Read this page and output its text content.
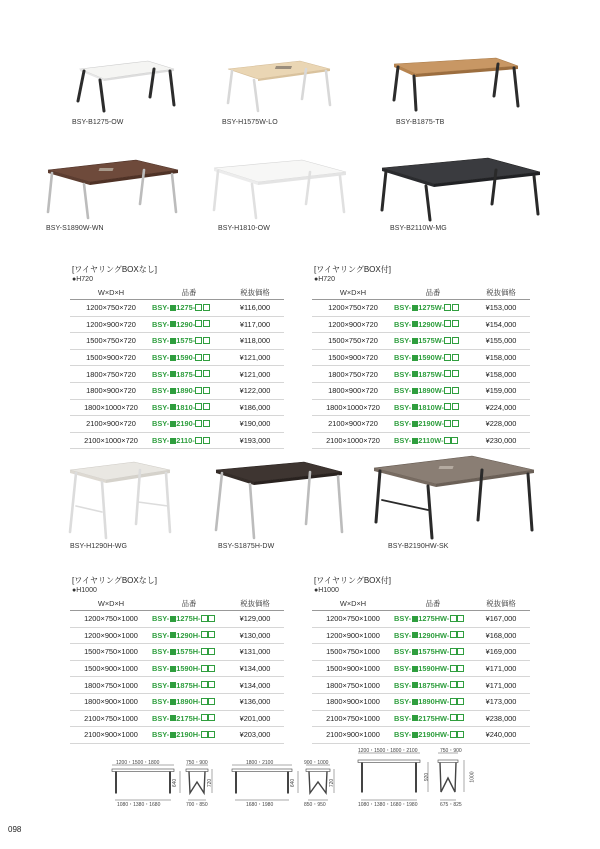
BSY-B1275-OW	BSY-H1575W-LO	BSY-B1875-TB
BSY-S1890W-WN	BSY-H1810-OW	BSY-B2110W-MG
[ワイヤリングBOXなし]
●H720
W×D×H	品番	税抜価格
1200×750×720	BSY- 1275-	¥116,000
1200×900×720	BSY- 1290-	¥117,000
1500×750×720	BSY- 1575-	¥118,000
1500×900×720	BSY- 1590-	¥121,000
1800×750×720	BSY- 1875-	¥121,000
1800×900×720	BSY- 1890-	¥122,000
1800×1000×720	BSY- 1810-	¥186,000
2100×900×720	BSY- 2190-	¥190,000
2100×1000×720	BSY- 2110-	¥193,000
[ワイヤリングBOX付]
●H720
W×D×H	品番	税抜価格
1200×750×720	BSY- 1275W-	¥153,000
1200×900×720	BSY- 1290W-	¥154,000
1500×750×720	BSY- 1575W-	¥155,000
1500×900×720	BSY- 1590W-	¥158,000
1800×750×720	BSY- 1875W-	¥158,000
1800×900×720	BSY- 1890W-	¥159,000
1800×1000×720	BSY- 1810W-	¥224,000
2100×900×720	BSY- 2190W-	¥228,000
2100×1000×720	BSY- 2110W-	¥230,000
BSY-H1290H-WG	BSY-S1875H-DW	BSY-B2190HW-SK
[ワイヤリングBOXなし]
●H1000
W×D×H	品番	税抜価格
1200×750×1000	BSY- 1275H-	¥129,000
1200×900×1000	BSY- 1290H-	¥130,000
1500×750×1000	BSY- 1575H-	¥131,000
1500×900×1000	BSY- 1590H-	¥134,000
1800×750×1000	BSY- 1875H-	¥134,000
1800×900×1000	BSY- 1890H-	¥136,000
2100×750×1000	BSY- 2175H-	¥201,000
2100×900×1000	BSY- 2190H-	¥203,000
[ワイヤリングBOX付]
●H1000
W×D×H	品番	税抜価格
1200×750×1000	BSY- 1275HW-	¥167,000
1200×900×1000	BSY- 1290HW-	¥168,000
1500×750×1000	BSY- 1575HW-	¥169,000
1500×900×1000	BSY- 1590HW-	¥171,000
1800×750×1000	BSY- 1875HW-	¥171,000
1800×900×1000	BSY- 1890HW-	¥173,000
2100×750×1000	BSY- 2175HW-	¥238,000
2100×900×1000	BSY- 2190HW-	¥240,000
1200・1500・1800
1080・1380・1680
750・900
700・850
640	720
1800・2100
1680・1980
900・1000
850・950
640	720
1200・1500・1800・2100
1080・1380・1680・1980
750・900
675・825
920	1000
098
